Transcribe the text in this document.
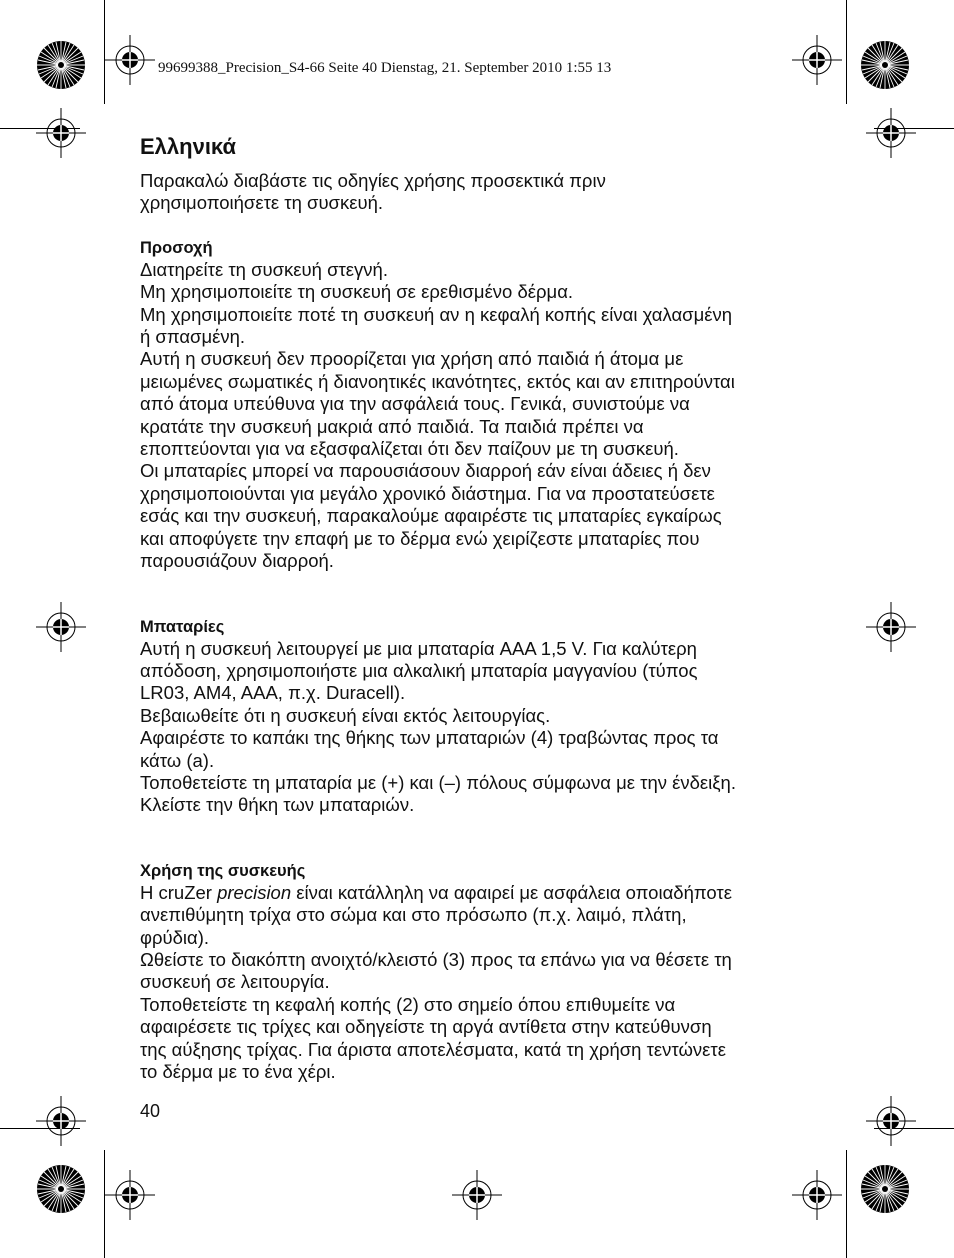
99699388_Precision_S4-66 Seite 40 Dienstag, 21. September 2010 1:55 13
Ελληνικά

Παρακαλώ διαβάστε τις οδηγίες χρήσης προσεκτικά πριν

χρησιμοποιήσετε τη συσκευή.

Προσοχή

Διατηρείτε τη συσκευή στεγνή.

Μη χρησιμοποιείτε τη συσκευή σε ερεθισμένο δέρμα.

Μη χρησιμοποιείτε ποτέ τη συσκευή αν η κεφαλή κοπής είναι χαλασμένη

ή σπασμένη.

Αυτή η συσκευή δεν προορίζεται για χρήση από παιδιά ή άτομα με

μειωμένες σωματικές ή διανοητικές ικανότητες, εκτός και αν επιτηρούνται

από άτομα υπεύθυνα για την ασφάλειά τους. Γενικά, συνιστούμε να

κρατάτε την συσκευή μακριά από παιδιά. Τα παιδιά πρέπει να

εποπτεύονται για να εξασφαλίζεται ότι δεν παίζουν με τη συσκευή.

Οι μπαταρίες μπορεί να παρουσιάσουν διαρροή εάν είναι άδειες ή δεν

χρησιμοποιούνται για μεγάλο χρονικό διάστημα. Για να προστατεύσετε

εσάς και την συσκευή, παρακαλούμε αφαιρέστε τις μπαταρίες εγκαίρως

και αποφύγετε την επαφή με το δέρμα ενώ χειρίζεστε μπαταρίες που

παρουσιάζουν διαρροή.

Μπαταρίες

Αυτή η συσκευή λειτουργεί με μια μπαταρία AAA 1,5 V. Για καλύτερη

απόδοση, χρησιμοποιήστε μια αλκαλική μπαταρία μαγγανίου (τύπος

LR03, AM4, AAA, π.χ. Duracell).

Βεβαιωθείτε ότι η συσκευή είναι εκτός λειτουργίας.

Αφαιρέστε το καπάκι της θήκης των μπαταριών (4) τραβώντας προς τα

κάτω (a).

Τοποθετείστε τη μπαταρία με (+) και (–) πόλους σύμφωνα με την ένδειξη.

Κλείστε την θήκη των μπαταριών.

Χρήση της συσκευής

Η cruZer precision είναι κατάλληλη να αφαιρεί με ασφάλεια οποιαδήποτε

ανεπιθύμητη τρίχα στο σώμα και στο πρόσωπο (π.χ. λαιμό, πλάτη,

φρύδια).

Ωθείστε το διακόπτη ανοιχτό/κλειστό (3) προς τα επάνω για να θέσετε τη

συσκευή σε λειτουργία.

Τοποθετείστε τη κεφαλή κοπής (2) στο σημείο όπου επιθυμείτε να

αφαιρέσετε τις τρίχες και οδηγείστε τη αργά αντίθετα στην κατεύθυνση

της αύξησης τρίχας. Για άριστα αποτελέσματα, κατά τη χρήση τεντώνετε

το δέρμα με το ένα χέρι.

40
